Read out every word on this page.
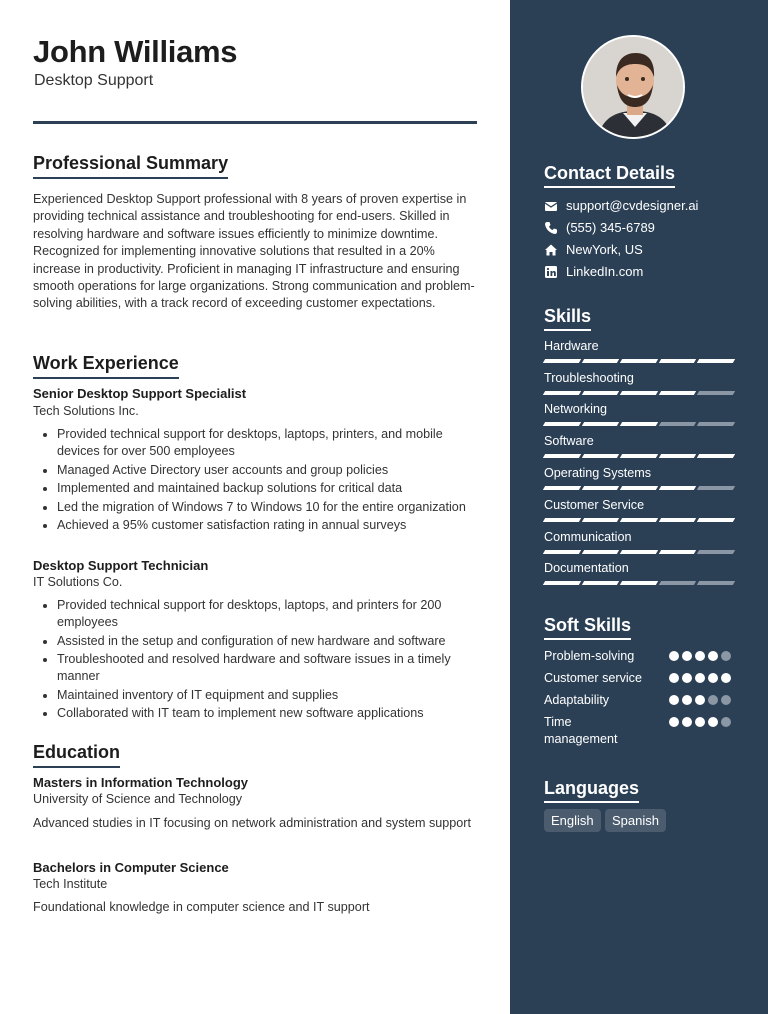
John Williams
Desktop Support
Professional Summary
Experienced Desktop Support professional with 8 years of proven expertise in providing technical assistance and troubleshooting for end-users. Skilled in resolving hardware and software issues efficiently to minimize downtime. Recognized for implementing innovative solutions that resulted in a 20% increase in productivity. Proficient in managing IT infrastructure and ensuring smooth operations for large organizations. Strong communication and problem-solving abilities, with a track record of exceeding customer expectations.
Work Experience
Senior Desktop Support Specialist
Tech Solutions Inc.
Provided technical support for desktops, laptops, printers, and mobile devices for over 500 employees
Managed Active Directory user accounts and group policies
Implemented and maintained backup solutions for critical data
Led the migration of Windows 7 to Windows 10 for the entire organization
Achieved a 95% customer satisfaction rating in annual surveys
Desktop Support Technician
IT Solutions Co.
Provided technical support for desktops, laptops, and printers for 200 employees
Assisted in the setup and configuration of new hardware and software
Troubleshooted and resolved hardware and software issues in a timely manner
Maintained inventory of IT equipment and supplies
Collaborated with IT team to implement new software applications
Education
Masters in Information Technology
University of Science and Technology
Advanced studies in IT focusing on network administration and system support
Bachelors in Computer Science
Tech Institute
Foundational knowledge in computer science and IT support
Contact Details
support@cvdesigner.ai
(555) 345-6789
NewYork, US
LinkedIn.com
Skills
Hardware
Troubleshooting
Networking
Software
Operating Systems
Customer Service
Communication
Documentation
Soft Skills
Problem-solving
Customer service
Adaptability
Time management
Languages
English	Spanish
